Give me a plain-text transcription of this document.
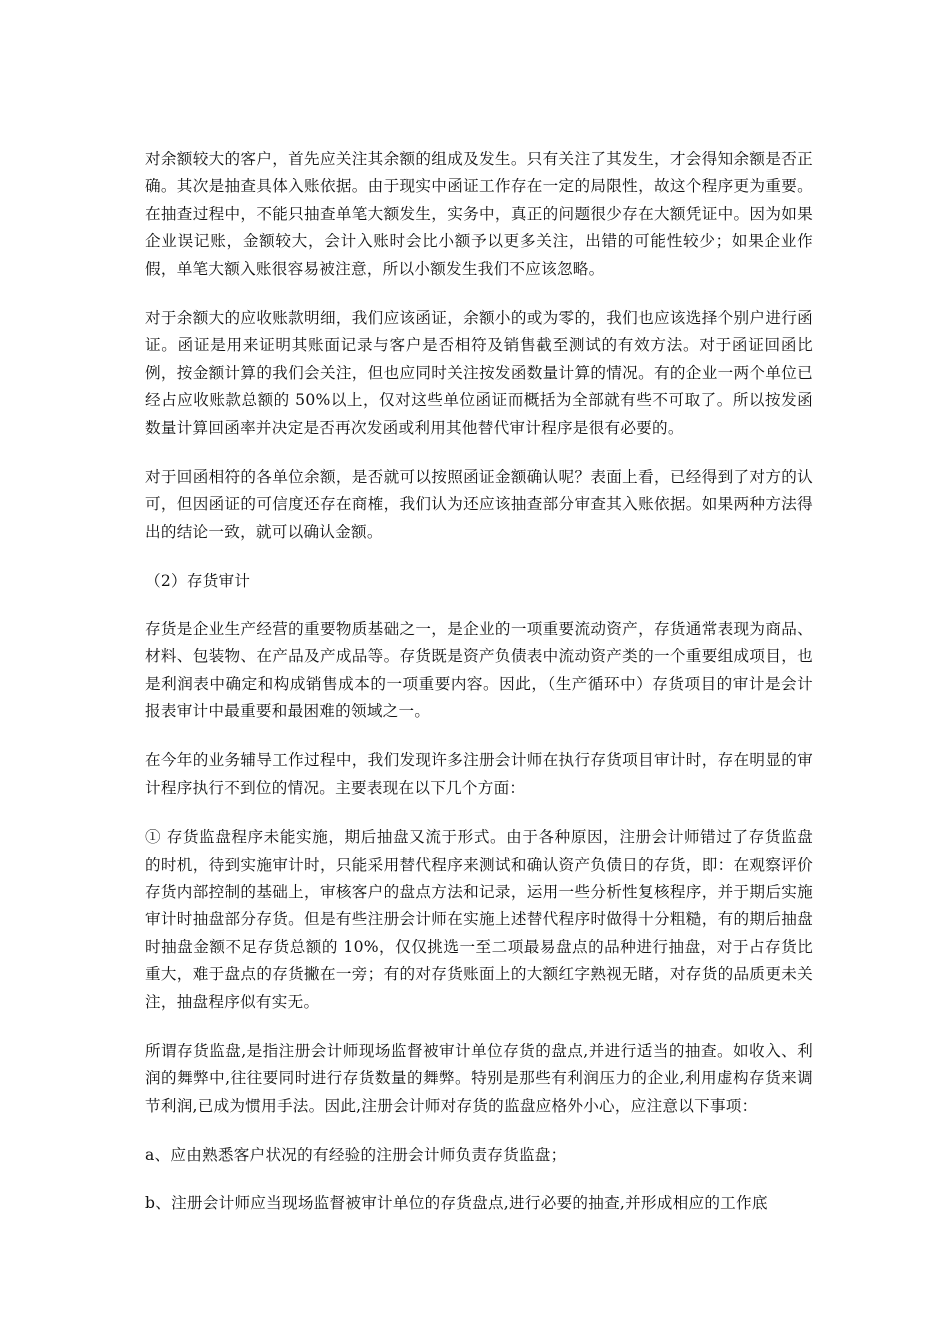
对余额较大的客户，首先应关注其余额的组成及发生。只有关注了其发生，才会得知余额是否正确。其次是抽查具体入账依据。由于现实中函证工作存在一定的局限性，故这个程序更为重要。在抽查过程中，不能只抽查单笔大额发生，实务中，真正的问题很少存在大额凭证中。因为如果企业误记账，金额较大，会计入账时会比小额予以更多关注，出错的可能性较少；如果企业作假，单笔大额入账很容易被注意，所以小额发生我们不应该忽略。

对于余额大的应收账款明细，我们应该函证，余额小的或为零的，我们也应该选择个别户进行函证。函证是用来证明其账面记录与客户是否相符及销售截至测试的有效方法。对于函证回函比例，按金额计算的我们会关注，但也应同时关注按发函数量计算的情况。有的企业一两个单位已经占应收账款总额的 50%以上，仅对这些单位函证而概括为全部就有些不可取了。所以按发函数量计算回函率并决定是否再次发函或利用其他替代审计程序是很有必要的。

对于回函相符的各单位余额，是否就可以按照函证金额确认呢？表面上看，已经得到了对方的认可，但因函证的可信度还存在商榷，我们认为还应该抽查部分审查其入账依据。如果两种方法得出的结论一致，就可以确认金额。

（2）存货审计

存货是企业生产经营的重要物质基础之一，是企业的一项重要流动资产，存货通常表现为商品、材料、包装物、在产品及产成品等。存货既是资产负债表中流动资产类的一个重要组成项目，也是利润表中确定和构成销售成本的一项重要内容。因此，（生产循环中）存货项目的审计是会计报表审计中最重要和最困难的领域之一。

在今年的业务辅导工作过程中，我们发现许多注册会计师在执行存货项目审计时，存在明显的审计程序执行不到位的情况。主要表现在以下几个方面：

① 存货监盘程序未能实施，期后抽盘又流于形式。由于各种原因，注册会计师错过了存货监盘的时机，待到实施审计时，只能采用替代程序来测试和确认资产负债日的存货，即：在观察评价存货内部控制的基础上，审核客户的盘点方法和记录，运用一些分析性复核程序，并于期后实施审计时抽盘部分存货。但是有些注册会计师在实施上述替代程序时做得十分粗糙，有的期后抽盘时抽盘金额不足存货总额的 10%，仅仅挑选一至二项最易盘点的品种进行抽盘，对于占存货比重大，难于盘点的存货撇在一旁；有的对存货账面上的大额红字熟视无睹，对存货的品质更未关注，抽盘程序似有实无。

所谓存货监盘,是指注册会计师现场监督被审计单位存货的盘点,并进行适当的抽查。如收入、利润的舞弊中,往往要同时进行存货数量的舞弊。特别是那些有利润压力的企业,利用虚构存货来调节利润,已成为惯用手法。因此,注册会计师对存货的监盘应格外小心，应注意以下事项：

a、应由熟悉客户状况的有经验的注册会计师负责存货监盘；

b、注册会计师应当现场监督被审计单位的存货盘点,进行必要的抽查,并形成相应的工作底
